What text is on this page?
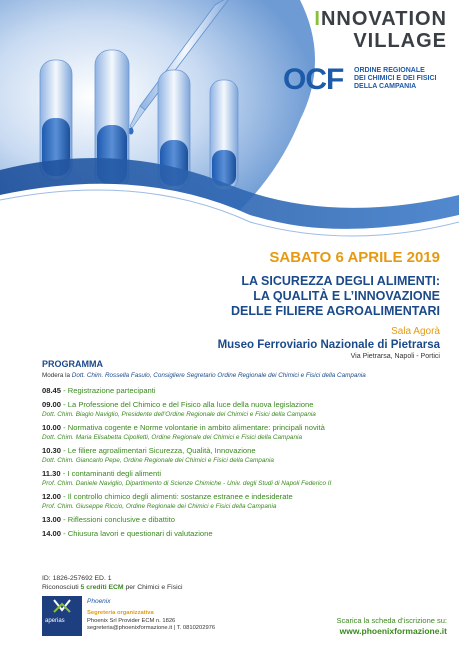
INNOVATION
VILLAGE
OCF ORDINE REGIONALE
DEI CHIMICI E DEI FISICI
DELLA CAMPANIA
SABATO 6 APRILE 2019
LA SICUREZZA DEGLI ALIMENTI:
LA QUALITÀ E L’INNOVAZIONE
DELLE FILIERE AGROALIMENTARI
Sala Agorà
Museo Ferroviario Nazionale di Pietrarsa
Via Pietrarsa, Napoli - Portici
PROGRAMMA
Modera la Dott. Chim. Rossella Fasulo, Consigliere Segretario Ordine Regionale dei Chimici e Fisici della Campania
08.45 - Registrazione partecipanti
09.00 - La Professione del Chimico e del Fisico alla luce della nuova legislazione
Dott. Chim. Biagio Naviglio, Presidente dell’Ordine Regionale dei Chimici e Fisici della Campania
10.00 - Normativa cogente e Norme volontarie in ambito alimentare: principali novità
Dott. Chim. Maria Elisabetta Cipolletti, Ordine Regionale dei Chimici e Fisici della Campania
10.30 - Le filiere agroalimentari Sicurezza, Qualità, Innovazione
Dott. Chim. Giancarlo Pepe, Ordine Regionale dei Chimici e Fisici della Campania
11.30 - I contaminanti degli alimenti
Prof. Chim. Daniele Naviglio, Dipartimento di Scienze Chimiche - Univ. degli Studi di Napoli Federico II
12.00 - Il controllo chimico degli alimenti: sostanze estranee e indesiderate
Prof. Chim. Giuseppe Riccio, Ordine Regionale dei Chimici e Fisici della Campania
13.00 - Riflessioni conclusive e dibattito
14.00 - Chiusura lavori e questionari di valutazione
ID: 1826-257692 ED. 1
Riconosciuti 5 crediti ECM per Chimici e Fisici
aperias
Phoenix
Segreteria organizzativa
Phoenix Srl Provider ECM n. 1826
segreteria@phoenixformazione.it | T. 0810202976
Scarica la scheda d’iscrizione su:
www.phoenixformazione.it
